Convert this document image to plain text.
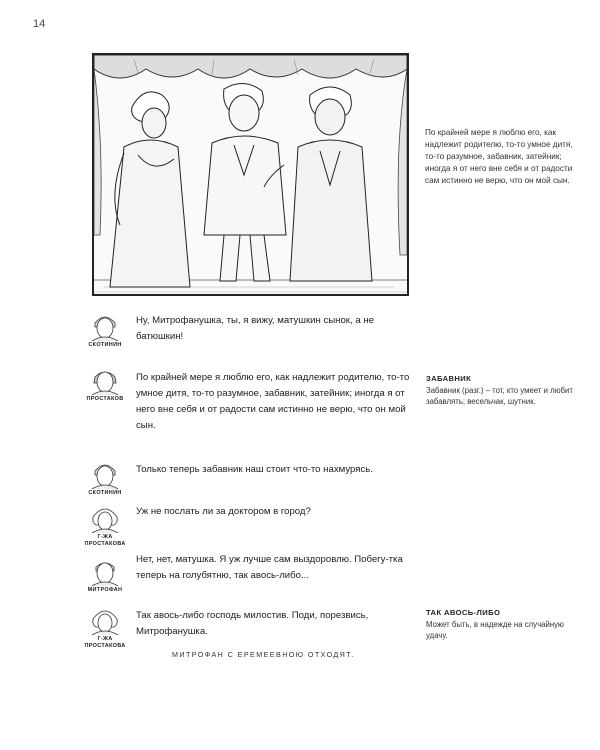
14
По крайней мере я люблю его, как надлежит родителю, то-то умное дитя, то-то разумное, забавник, затейник; иногда я от него вне себя и от радости сам истинно не верю, что он мой сын.
СКОТИНИН
Ну, Митрофанушка, ты, я вижу, матушкин сынок, а не батюшкин!
ПРОСТАКОВ
По крайней мере я люблю его, как надлежит родителю, то-то умное дитя, то-то разумное, забавник, затейник; иногда я от него вне себя и от радости сам истинно не верю, что он мой сын.
ЗАБАВНИК
Забавник (разг.) – тот, кто умеет и любит забавлять; весельчак, шутник.
СКОТИНИН
Только теперь забавник наш стоит что-то нахмурясь.
Г-ЖА ПРОСТАКОВА
Уж не послать ли за доктором в город?
МИТРОФАН
Нет, нет, матушка. Я уж лучше сам выздоровлю. Побегу-тка теперь на голубятню, так авось-либо...
Г-ЖА ПРОСТАКОВА
Так авось-либо господь милостив. Поди, порезвись, Митрофанушка.
ТАК АВОСЬ-ЛИБО
Может быть, в надежде на случайную удачу.
МИТРОФАН С ЕРЕМЕЕВНОЮ ОТХОДЯТ.
